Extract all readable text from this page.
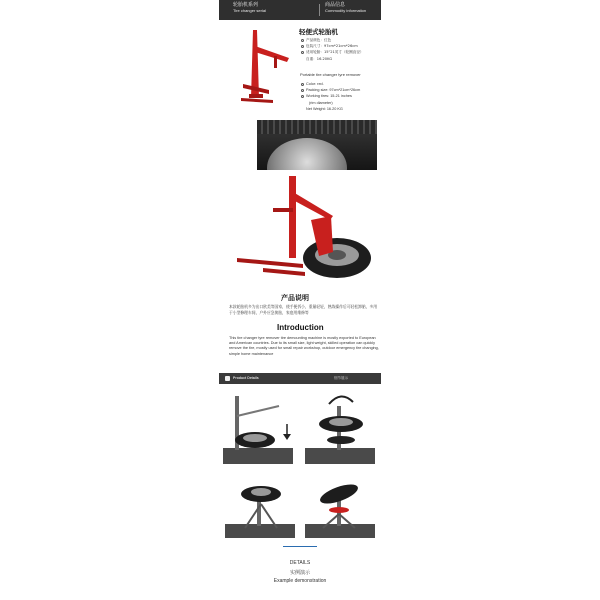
轮胎机系列
Tire changer serial
商品信息
Commodity information
轻便式轮胎机
产品颜色：红色
包装尺寸：97cm*21cm*26cm
适用轮胎：15"21英寸（轮圈直径）
自重：16.20KG
Portable tire changer tyre remover
Color: red.
Packing size: 97cm*21cm*26cm
Working tires: 15-21 inches
(rim diameter)
Net Weight: 16.20 KG
产品说明
本款轮胎机多为出口欧美等国家，使手便拆小，重量轻轻，熟练操作后可轻松卸胎，多用于小型修理车间，户外应急换胎，家庭用维修等
Introduction
This tire changer tyre remover tire demounting machine is mostly exported to European and American countries. Due to its small size, light weight, skilled operation can quickly remove the tire, mostly used for small repair workshop, outdoor emergency tire changing, simple home maintenance
Product Details	细节展示
DETAILS
实例演示
Example demonstration
